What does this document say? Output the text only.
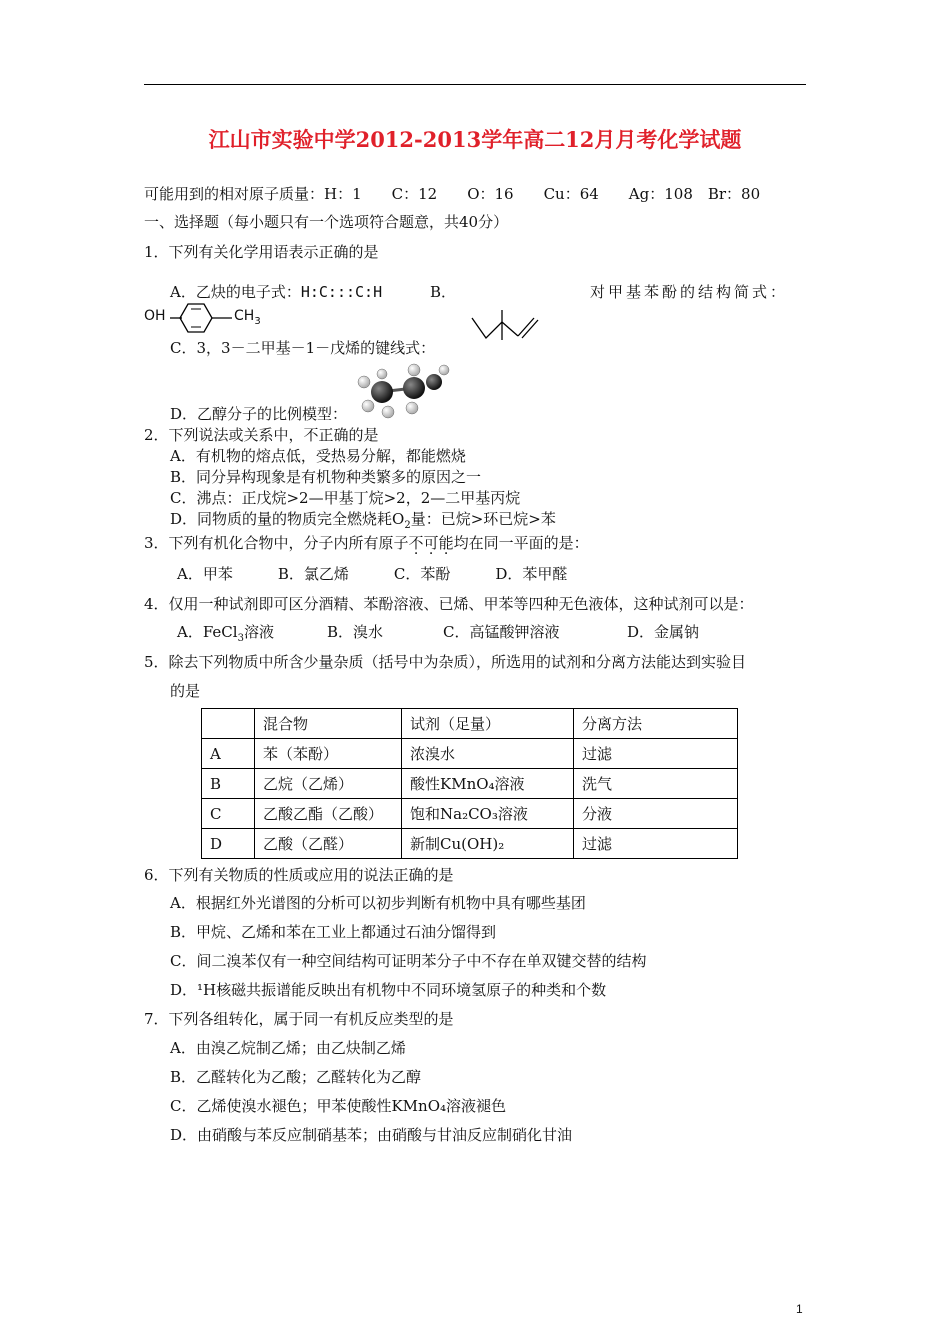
江山市实验中学2012-2013学年高二12月月考化学试题
可能用到的相对原子质量：H：1　　C：12　　O：16　　Cu：64　　Ag：108　Br：80
一、选择题（每小题只有一个选项符合题意，共40分）
1．下列有关化学用语表示正确的是
A．乙炔的电子式：H:C:::C:H	B．	对甲基苯酚的结构简式：
OH	$CH_3$
C．3，3－二甲基－1－戊烯的键线式：
D．乙醇分子的比例模型：
2．下列说法或关系中，不正确的是
A．有机物的熔点低，受热易分解，都能燃烧
B．同分异构现象是有机物种类繁多的原因之一
C．沸点：正戊烷>2—甲基丁烷>2，2—二甲基丙烷
D．同物质的量的物质完全燃烧耗$O_2$量：已烷>环已烷>苯
3．下列有机化合物中，分子内所有原子不可能均在同一平面的是：
A．甲苯　　　B．氯乙烯　　　C．苯酚　　　D．苯甲醛
4．仅用一种试剂即可区分酒精、苯酚溶液、已烯、甲苯等四种无色液体，这种试剂可以是：
A．FeCl$_3$溶液	B．溴水	C．高锰酸钾溶液	D．金属钠
5．除去下列物质中所含少量杂质（括号中为杂质），所选用的试剂和分离方法能达到实验目
的是
	混合物	试剂（足量）	分离方法
A	苯（苯酚）	浓溴水	过滤
B	乙烷（乙烯）	酸性KMnO₄溶液	洗气
C	乙酸乙酯（乙酸）	饱和Na₂CO₃溶液	分液
D	乙酸（乙醛）	新制Cu(OH)₂	过滤
6．下列有关物质的性质或应用的说法正确的是
A．根据红外光谱图的分析可以初步判断有机物中具有哪些基团
B．甲烷、乙烯和苯在工业上都通过石油分馏得到
C．间二溴苯仅有一种空间结构可证明苯分子中不存在单双键交替的结构
D．¹H核磁共振谱能反映出有机物中不同环境氢原子的种类和个数
7．下列各组转化，属于同一有机反应类型的是
A．由溴乙烷制乙烯；由乙炔制乙烯
B．乙醛转化为乙酸；乙醛转化为乙醇
C．乙烯使溴水褪色；甲苯使酸性KMnO₄溶液褪色
D．由硝酸与苯反应制硝基苯；由硝酸与甘油反应制硝化甘油
1
